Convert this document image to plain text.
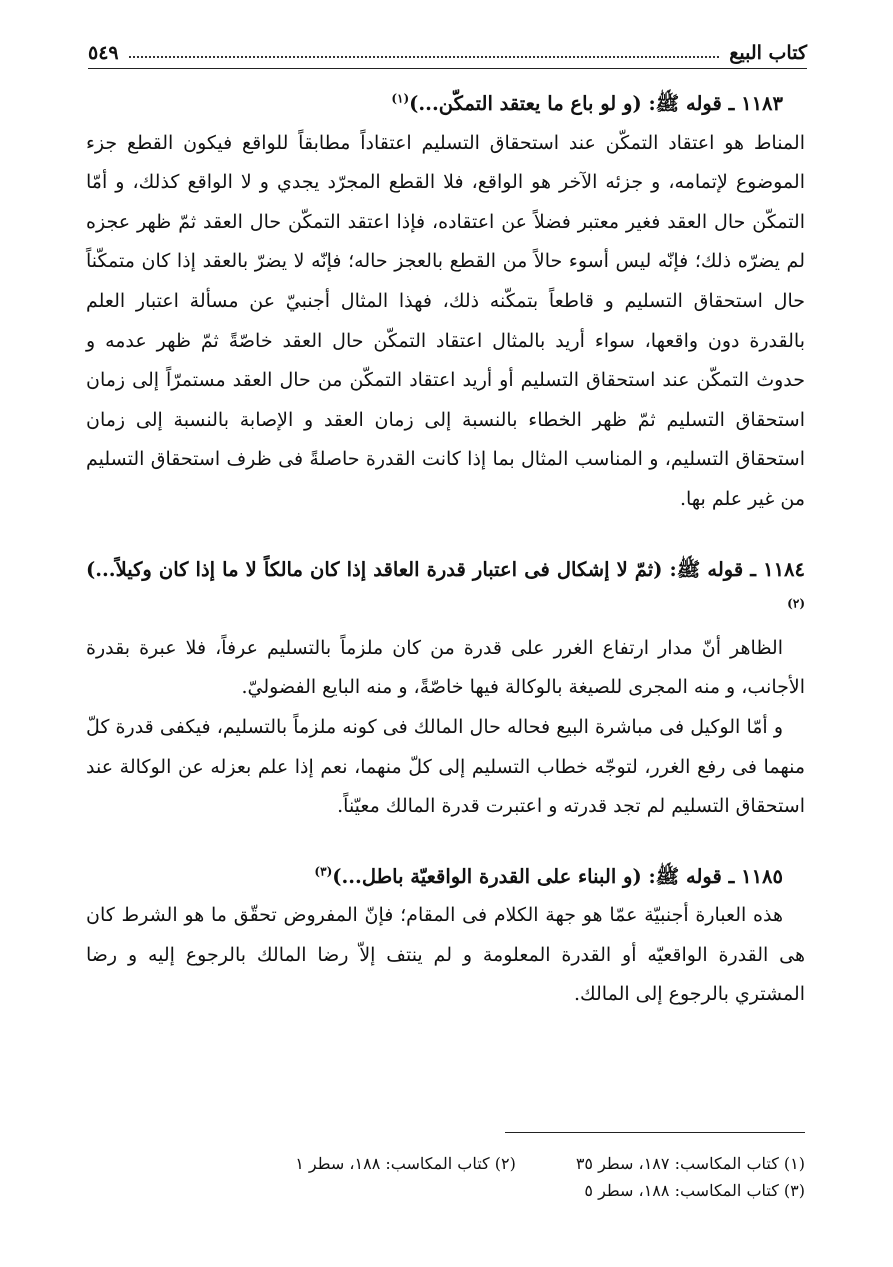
كتاب البيع
٥٤٩
١١٨٣ ـ قوله ﷺ: (و لو باع ما يعتقد التمكّن...)$^{(١)}$
المناط هو اعتقاد التمكّن عند استحقاق التسليم اعتقاداً مطابقاً للواقع فيكون القطع جزء الموضوع لإتمامه، و جزئه الآخر هو الواقع، فلا القطع المجرّد يجدي و لا الواقع كذلك، و أمّا التمكّن حال العقد فغير معتبر فضلاً عن اعتقاده، فإذا اعتقد التمكّن حال العقد ثمّ ظهر عجزه لم يضرّه ذلك؛ فإنّه ليس أسوء حالاً من القطع بالعجز حاله؛ فإنّه لا يضرّ بالعقد إذا كان متمكّناً حال استحقاق التسليم و قاطعاً بتمكّنه ذلك، فهذا المثال أجنبيّ عن مسألة اعتبار العلم بالقدرة دون واقعها، سواء أريد بالمثال اعتقاد التمكّن حال العقد خاصّةً ثمّ ظهر عدمه و حدوث التمكّن عند استحقاق التسليم أو أريد اعتقاد التمكّن من حال العقد مستمرّاً إلى زمان استحقاق التسليم ثمّ ظهر الخطاء بالنسبة إلى زمان العقد و الإصابة بالنسبة إلى زمان استحقاق التسليم، و المناسب المثال بما إذا كانت القدرة حاصلةً فى ظرف استحقاق التسليم من غير علم بها.
١١٨٤ ـ قوله ﷺ: (ثمّ لا إشكال فى اعتبار قدرة العاقد إذا كان مالكاً لا ما إذا كان وكيلاً...)$^{(٢)}$
الظاهر أنّ مدار ارتفاع الغرر على قدرة من كان ملزماً بالتسليم عرفاً، فلا عبرة بقدرة الأجانب، و منه المجرى للصيغة بالوكالة فيها خاصّةً، و منه البايع الفضوليّ.
و أمّا الوكيل فى مباشرة البيع فحاله حال المالك فى كونه ملزماً بالتسليم، فيكفى قدرة كلّ منهما فى رفع الغرر، لتوجّه خطاب التسليم إلى كلّ منهما، نعم إذا علم بعزله عن الوكالة عند استحقاق التسليم لم تجد قدرته و اعتبرت قدرة المالك معيّناً.
١١٨٥ ـ قوله ﷺ: (و البناء على القدرة الواقعيّة باطل...)$^{(٣)}$
هذه العبارة أجنبيّة عمّا هو جهة الكلام فى المقام؛ فإنّ المفروض تحقّق ما هو الشرط كان هى القدرة الواقعيّه أو القدرة المعلومة و لم ينتف إلاّ رضا المالك بالرجوع إليه و رضا المشتري بالرجوع إلى المالك.
(١) كتاب المكاسب: ١٨٧، سطر ٣٥
(٢) كتاب المكاسب: ١٨٨، سطر ١
(٣) كتاب المكاسب: ١٨٨، سطر ٥
